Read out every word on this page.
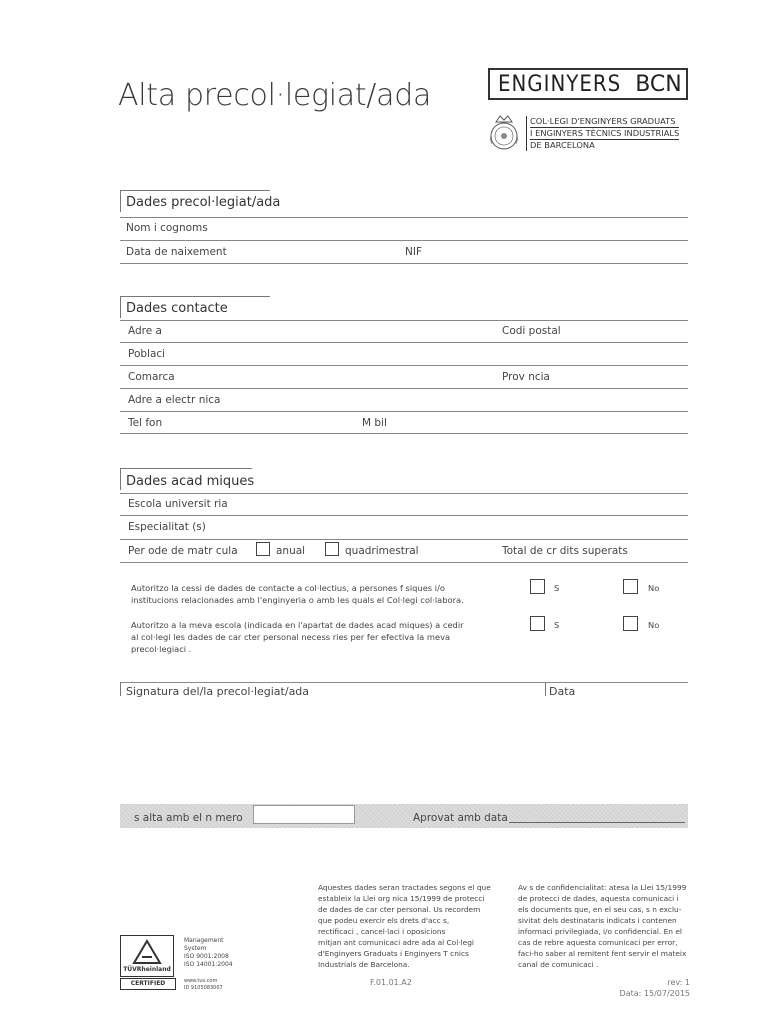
Alta precol·legiat/ada	ENGINYERS BCN
COL·LEGI D'ENGINYERS GRADUATS
I ENGINYERS TÈCNICS INDUSTRIALS
DE BARCELONA
Dades precol·legiat/ada
Nom i cognoms
Data de naixement	NIF
Dades contacte
Adre a	Codi postal
Poblaci
Comarca	Prov ncia
Adre a electr nica
Tel fon	M bil
Dades acad miques
Escola universit ria
Especialitat (s)
Per ode de matr cula	anual	quadrimestral	Total de cr dits superats
Autoritzo la cessi de dades de contacte a col·lectius, a persones f siques i/o
institucions relacionades amb l'enginyeria o amb les quals el Col·legi col·labora.
S	No
Autoritzo a la meva escola (indicada en l'apartat de dades acad miques) a cedir
al col·legi les dades de car cter personal necess ries per fer efectiva la meva
precol·legiaci .
S	No
Signatura del/la precol·legiat/ada	Data
s alta amb el n mero	Aprovat amb data
Aquestes dades seran tractades segons el que
estableix la Llei org nica 15/1999 de protecci
de dades de car cter personal. Us recordem
que podeu exercir els drets d'acc s,
rectificaci , cancel·laci i oposicions
mitjan ant comunicaci adre ada al Col·legi
d'Enginyers Graduats i Enginyers T cnics
Industrials de Barcelona.
Av s de confidencialitat: atesa la Llei 15/1999
de protecci de dades, aquesta comunicaci i
els documents que, en el seu cas, s n exclu-
sivitat dels destinataris indicats i contenen
informaci privilegiada, i/o confidencial. En el
cas de rebre aquesta comunicaci per error,
faci-ho saber al remitent fent servir el mateix
canal de comunicaci .
TÜVRheinland
CERTIFIED
Management
System
ISO 9001:2008
ISO 14001:2004
www.tuv.com
ID 9105083007
F.01.01.A2	rev: 1
Data: 15/07/2015
